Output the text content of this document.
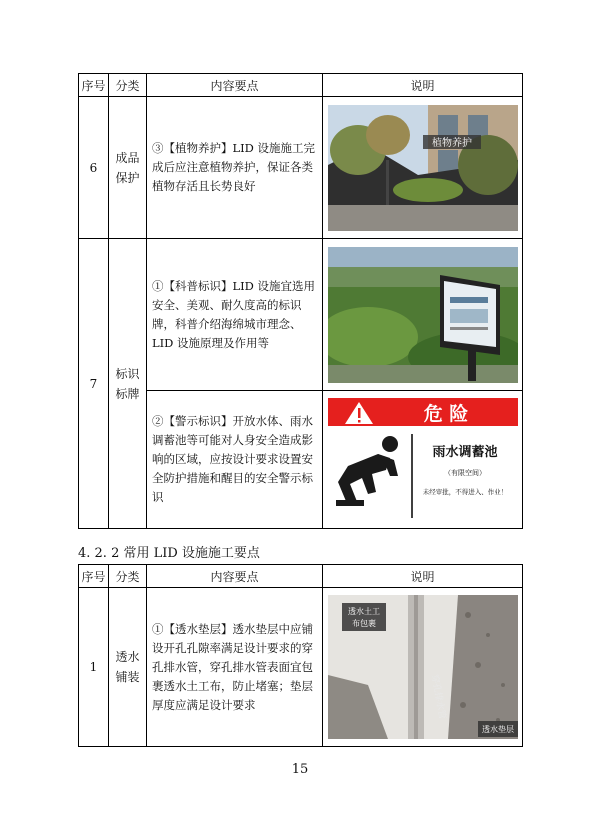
序号	分类	内容要点	说明
6	成品保护	③【植物养护】LID 设施施工完成后应注意植物养护，保证各类植物存活且长势良好	植物养护

7	标识标牌	①【科普标识】LID 设施宜选用安全、美观、耐久度高的标识牌，科普介绍海绵城市理念、LID 设施原理及作用等	

		②【警示标识】开放水体、雨水调蓄池等可能对人身安全造成影响的区域，应按设计要求设置安全防护措施和醒目的安全警示标识	危 险
雨水调蓄池
（有限空间）
未经审批，不得进入、作业！
4. 2. 2 常用 LID 设施施工要点
序号	分类	内容要点	说明
1	透水铺装	①【透水垫层】透水垫层中应铺设开孔孔隙率满足设计要求的穿孔排水管，穿孔排水管表面宜包裹透水土工布，防止堵塞；垫层厚度应满足设计要求	透水土工
布包裹
穿孔排水管
透水垫层
15
